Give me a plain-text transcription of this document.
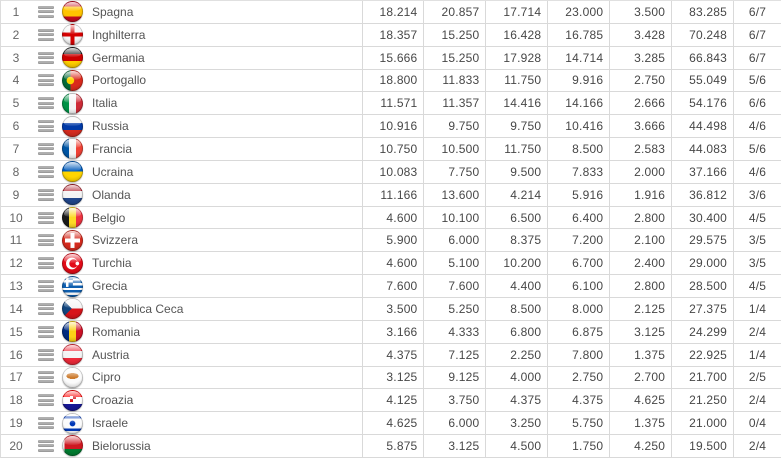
1	Spagna	18.214	20.857	17.714	23.000	3.500	83.285	6/7
2	Inghilterra	18.357	15.250	16.428	16.785	3.428	70.248	6/7
3	Germania	15.666	15.250	17.928	14.714	3.285	66.843	6/7
4	Portogallo	18.800	11.833	11.750	9.916	2.750	55.049	5/6
5	Italia	11.571	11.357	14.416	14.166	2.666	54.176	6/6
6	Russia	10.916	9.750	9.750	10.416	3.666	44.498	4/6
7	Francia	10.750	10.500	11.750	8.500	2.583	44.083	5/6
8	Ucraina	10.083	7.750	9.500	7.833	2.000	37.166	4/6
9	Olanda	11.166	13.600	4.214	5.916	1.916	36.812	3/6
10	Belgio	4.600	10.100	6.500	6.400	2.800	30.400	4/5
11	Svizzera	5.900	6.000	8.375	7.200	2.100	29.575	3/5
12	Turchia	4.600	5.100	10.200	6.700	2.400	29.000	3/5
13	Grecia	7.600	7.600	4.400	6.100	2.800	28.500	4/5
14	Repubblica Ceca	3.500	5.250	8.500	8.000	2.125	27.375	1/4
15	Romania	3.166	4.333	6.800	6.875	3.125	24.299	2/4
16	Austria	4.375	7.125	2.250	7.800	1.375	22.925	1/4
17	Cipro	3.125	9.125	4.000	2.750	2.700	21.700	2/5
18	Croazia	4.125	3.750	4.375	4.375	4.625	21.250	2/4
19	Israele	4.625	6.000	3.250	5.750	1.375	21.000	0/4
20	Bielorussia	5.875	3.125	4.500	1.750	4.250	19.500	2/4
